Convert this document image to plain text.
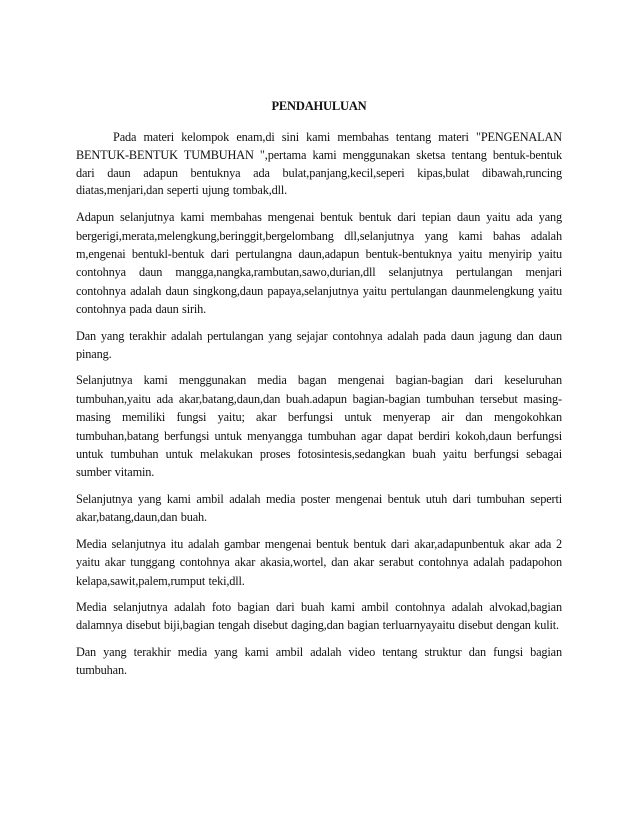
PENDAHULUAN

Pada materi kelompok enam,di sini kami membahas tentang materi "PENGENALAN BENTUK-BENTUK TUMBUHAN ",pertama kami menggunakan sketsa tentang bentuk-bentuk dari daun adapun bentuknya ada bulat,panjang,kecil,seperi kipas,bulat dibawah,runcing diatas,menjari,dan seperti ujung tombak,dll.

Adapun selanjutnya kami membahas mengenai bentuk bentuk dari tepian daun yaitu ada yang bergerigi,merata,melengkung,beringgit,bergelombang dll,selanjutnya yang kami bahas adalah m,engenai bentukl-bentuk dari pertulangna daun,adapun bentuk-bentuknya yaitu menyirip yaitu contohnya daun mangga,nangka,rambutan,sawo,durian,dll selanjutnya pertulangan menjari contohnya adalah daun singkong,daun papaya,selanjutnya yaitu pertulangan daunmelengkung yaitu contohnya pada daun sirih.

Dan yang terakhir adalah pertulangan yang sejajar contohnya adalah pada daun jagung dan daun pinang.

Selanjutnya kami menggunakan media bagan mengenai bagian-bagian dari keseluruhan tumbuhan,yaitu ada akar,batang,daun,dan buah.adapun bagian-bagian tumbuhan tersebut masing-masing memiliki fungsi yaitu; akar berfungsi untuk menyerap air dan mengokohkan tumbuhan,batang berfungsi untuk menyangga tumbuhan agar dapat berdiri kokoh,daun berfungsi untuk tumbuhan untuk melakukan proses fotosintesis,sedangkan buah yaitu berfungsi sebagai sumber vitamin.

Selanjutnya yang kami ambil adalah media poster mengenai bentuk utuh dari tumbuhan seperti akar,batang,daun,dan buah.

Media selanjutnya itu adalah gambar mengenai bentuk bentuk dari akar,adapunbentuk akar ada 2 yaitu akar tunggang contohnya akar akasia,wortel, dan akar serabut contohnya adalah padapohon kelapa,sawit,palem,rumput teki,dll.

Media selanjutnya adalah foto bagian dari buah kami ambil contohnya adalah alvokad,bagian dalamnya disebut biji,bagian tengah disebut daging,dan bagian terluarnyayaitu disebut dengan kulit.

Dan yang terakhir media yang kami ambil adalah video tentang struktur dan fungsi bagian tumbuhan.
